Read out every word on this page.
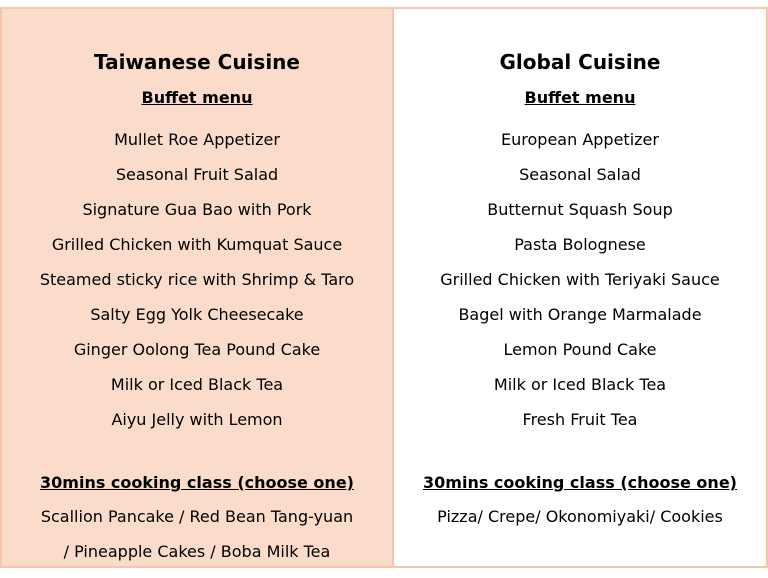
Taiwanese Cuisine
Buffet menu
Mullet Roe Appetizer
Seasonal Fruit Salad
Signature Gua Bao with Pork
Grilled Chicken with Kumquat Sauce
Steamed sticky rice with Shrimp & Taro
Salty Egg Yolk Cheesecake
Ginger Oolong Tea Pound Cake
Milk or Iced Black Tea
Aiyu Jelly with Lemon
30mins cooking class (choose one)
Scallion Pancake / Red Bean Tang-yuan
/ Pineapple Cakes / Boba Milk Tea
Global Cuisine
Buffet menu
European Appetizer
Seasonal Salad
Butternut Squash Soup
Pasta Bolognese
Grilled Chicken with Teriyaki Sauce
Bagel with Orange Marmalade
Lemon Pound Cake
Milk or Iced Black Tea
Fresh Fruit Tea
30mins cooking class (choose one)
Pizza/ Crepe/ Okonomiyaki/ Cookies
